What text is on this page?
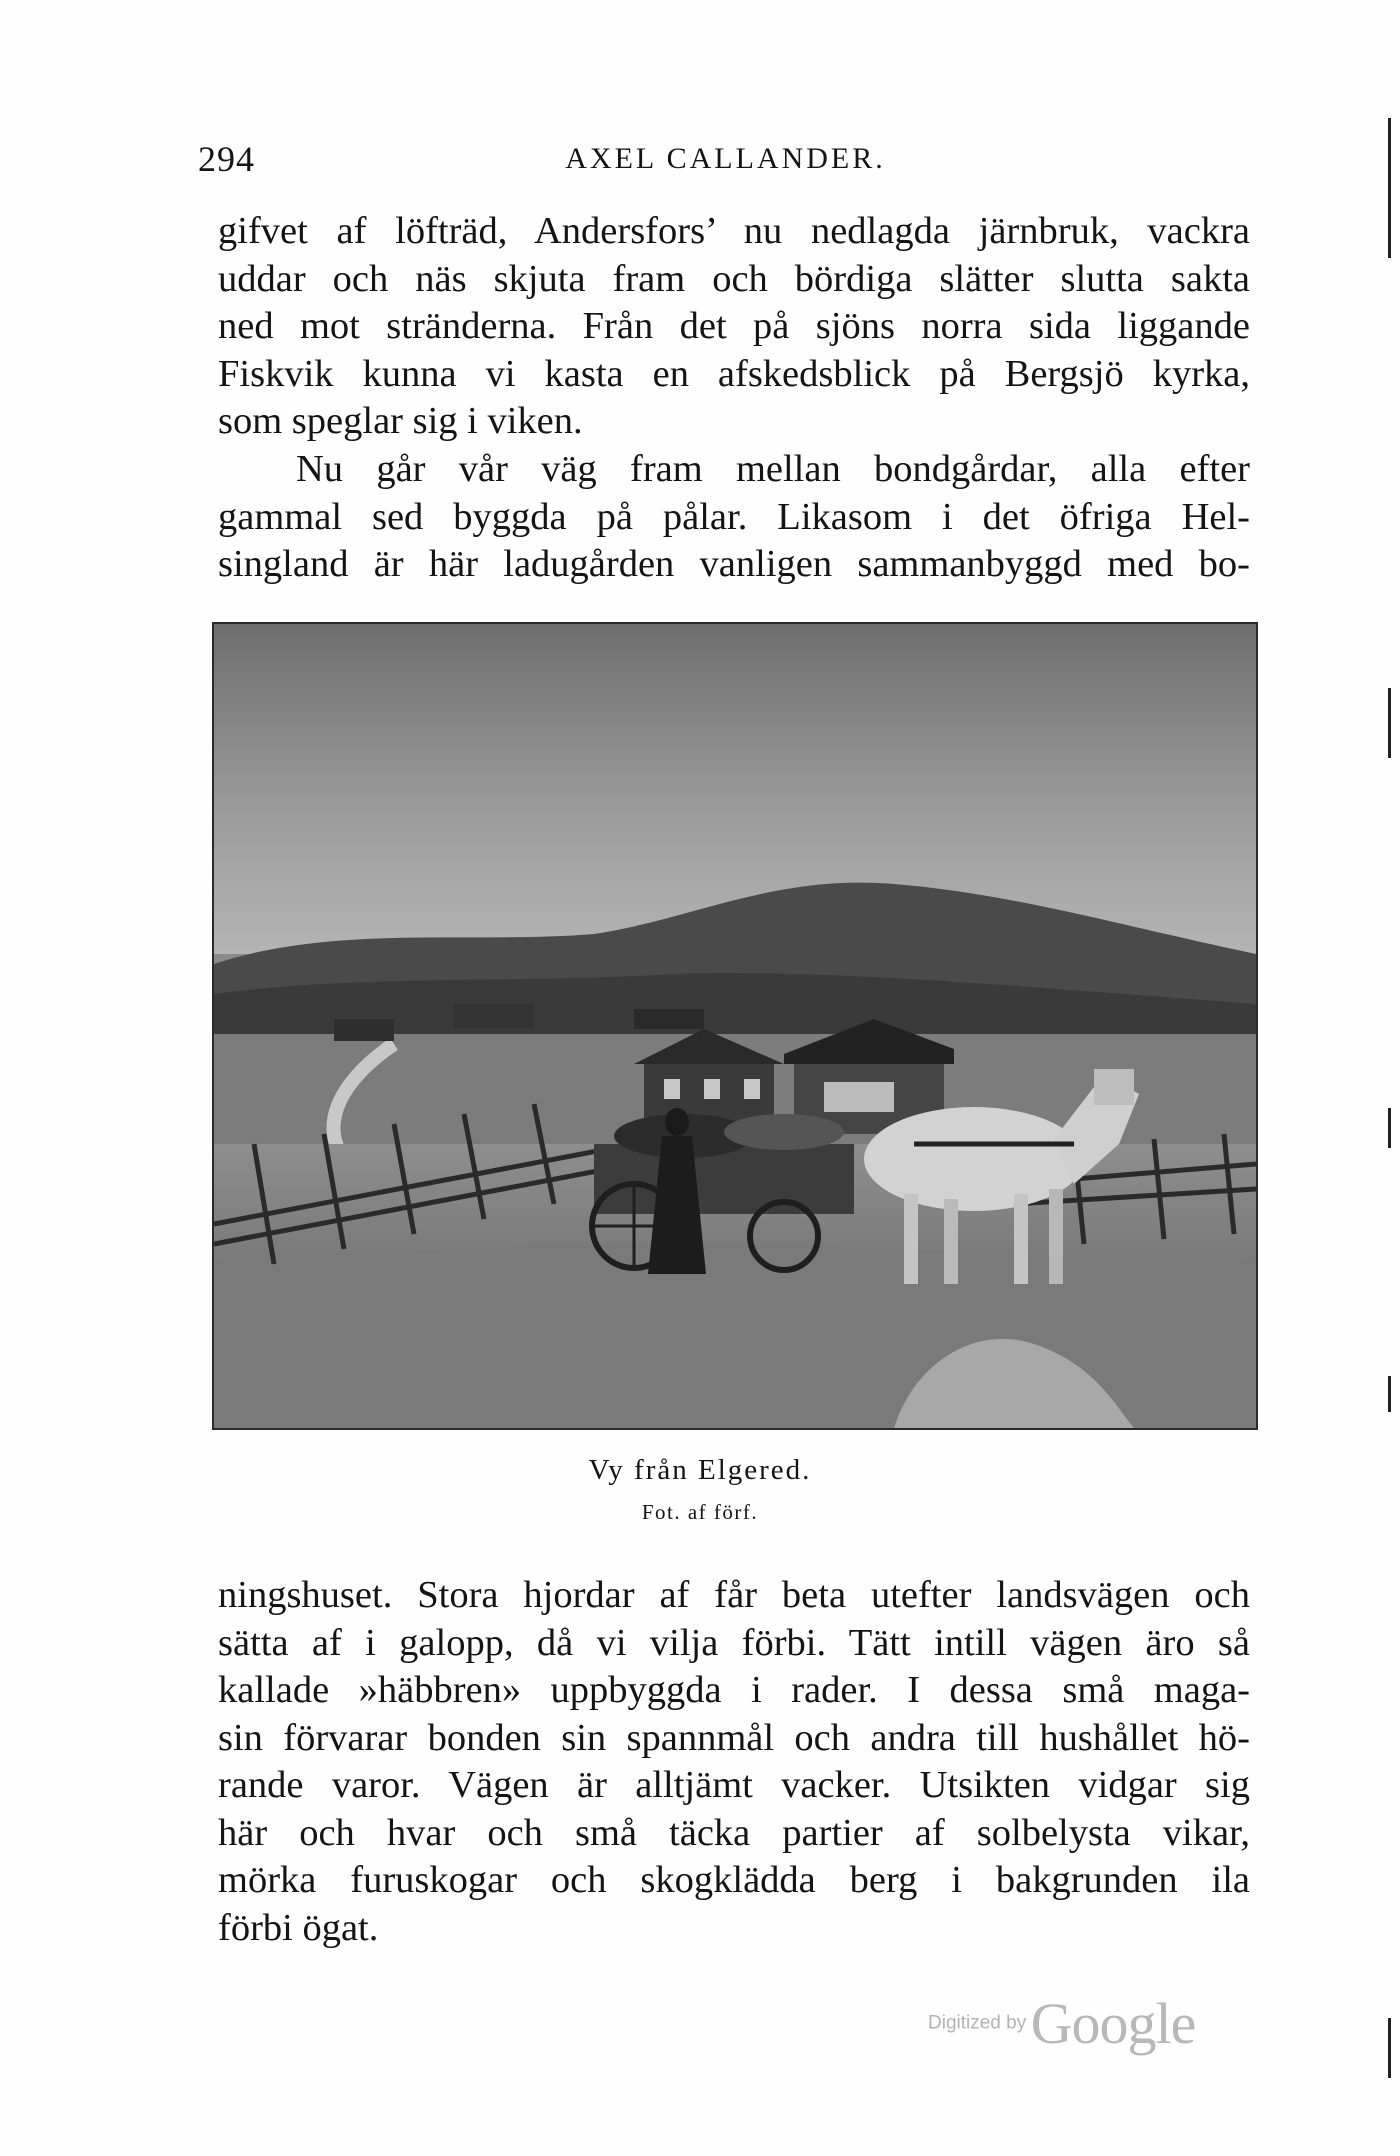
294	AXEL CALLANDER.

gifvet af löfträd, Andersfors’ nu nedlagda järnbruk, vackra
uddar och näs skjuta fram och bördiga slätter slutta sakta
ned mot stränderna. Från det på sjöns norra sida liggande
Fiskvik kunna vi kasta en afskedsblick på Bergsjö kyrka,
som speglar sig i viken.

Nu går vår väg fram mellan bondgårdar, alla efter
gammal sed byggda på pålar. Likasom i det öfriga Hel-
singland är här ladugården vanligen sammanbyggd med bo-

Vy från Elgered.
Fot. af förf.

ningshuset. Stora hjordar af får beta utefter landsvägen och
sätta af i galopp, då vi vilja förbi. Tätt intill vägen äro så
kallade »häbbren» uppbyggda i rader. I dessa små maga-
sin förvarar bonden sin spannmål och andra till hushållet hö-
rande varor. Vägen är alltjämt vacker. Utsikten vidgar sig
här och hvar och små täcka partier af solbelysta vikar,
mörka furuskogar och skogklädda berg i bakgrunden ila
förbi ögat.

Digitized by Google
